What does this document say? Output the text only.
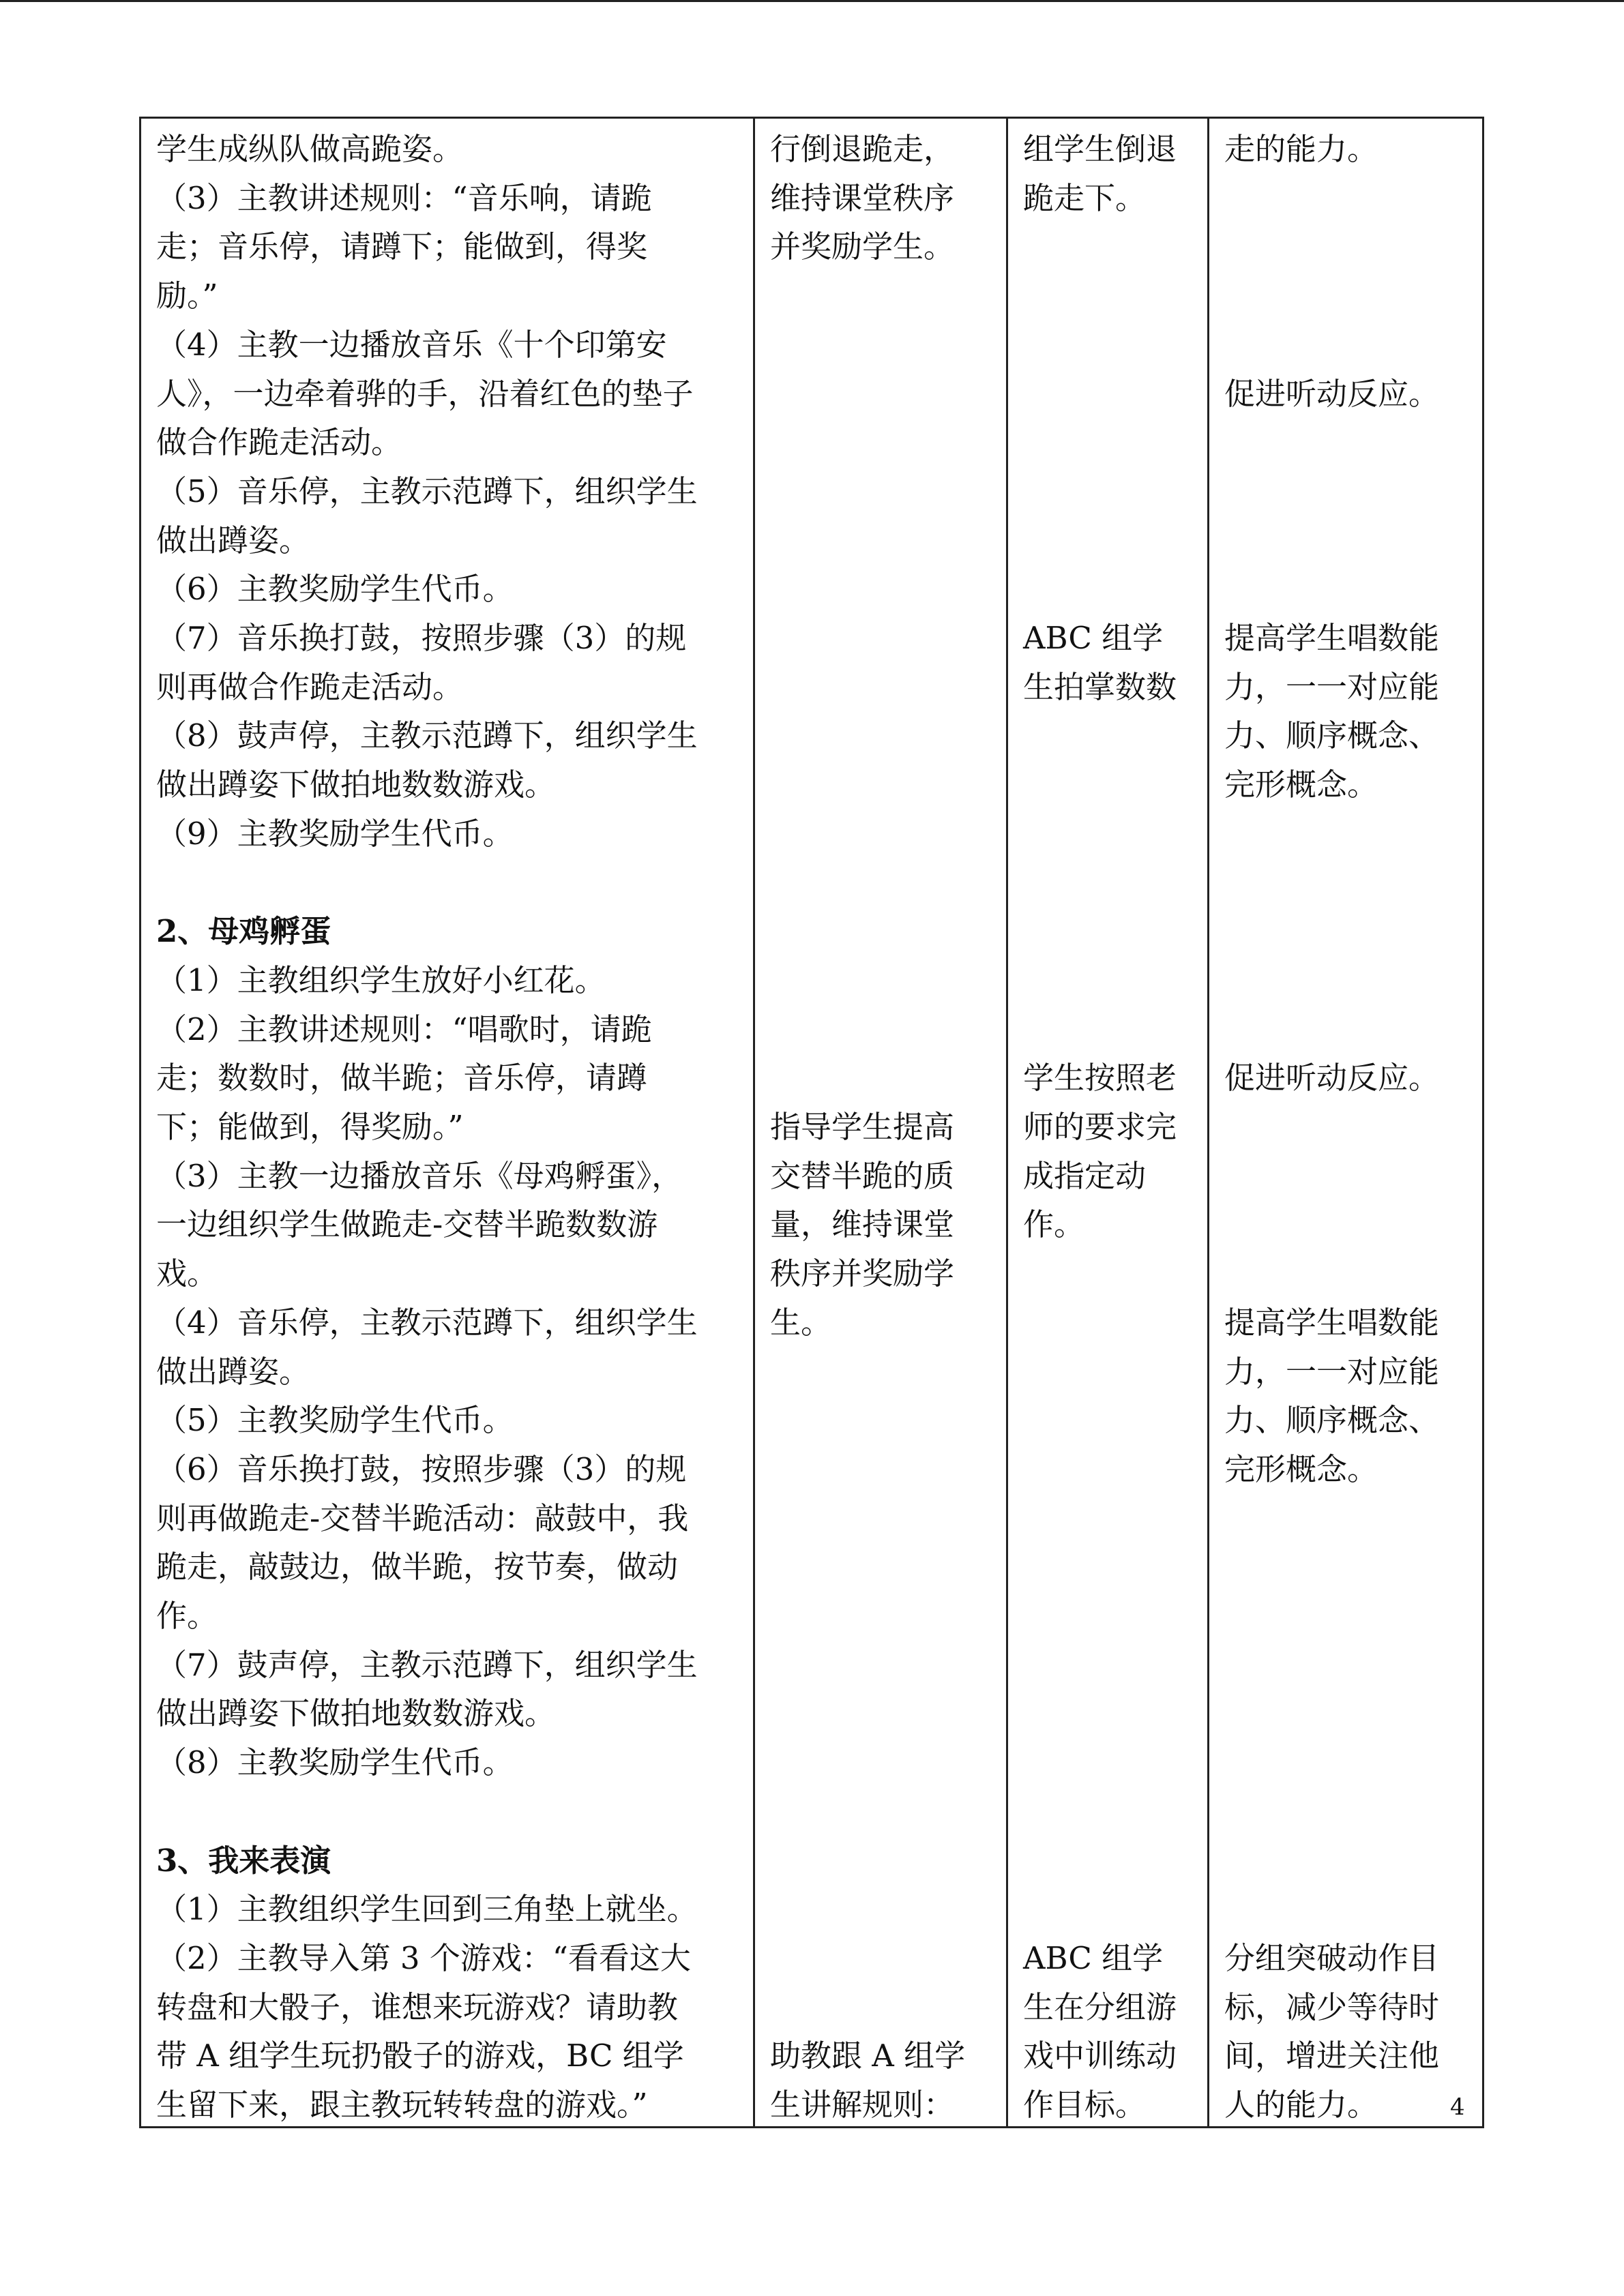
学生成纵队做高跪姿。
（3）主教讲述规则：“音乐响，请跪
走；音乐停，请蹲下；能做到，得奖
励。”
（4）主教一边播放音乐《十个印第安
人》，一边牵着骅的手，沿着红色的垫子
做合作跪走活动。
（5）音乐停，主教示范蹲下，组织学生
做出蹲姿。
（6）主教奖励学生代币。
（7）音乐换打鼓，按照步骤（3）的规
则再做合作跪走活动。
（8）鼓声停，主教示范蹲下，组织学生
做出蹲姿下做拍地数数游戏。
（9）主教奖励学生代币。
2、母鸡孵蛋
（1）主教组织学生放好小红花。
（2）主教讲述规则：“唱歌时，请跪
走；数数时，做半跪；音乐停，请蹲
下；能做到，得奖励。”
（3）主教一边播放音乐《母鸡孵蛋》，
一边组织学生做跪走-交替半跪数数游
戏。
（4）音乐停，主教示范蹲下，组织学生
做出蹲姿。
（5）主教奖励学生代币。
（6）音乐换打鼓，按照步骤（3）的规
则再做跪走-交替半跪活动：敲鼓中，我
跪走，敲鼓边，做半跪，按节奏，做动
作。
（7）鼓声停，主教示范蹲下，组织学生
做出蹲姿下做拍地数数游戏。
（8）主教奖励学生代币。
3、我来表演
（1）主教组织学生回到三角垫上就坐。
（2）主教导入第 3 个游戏：“看看这大
转盘和大骰子，谁想来玩游戏？请助教
带 A 组学生玩扔骰子的游戏，BC 组学
生留下来，跟主教玩转转盘的游戏。”
行倒退跪走，
维持课堂秩序
并奖励学生。
指导学生提高
交替半跪的质
量，维持课堂
秩序并奖励学
生。
助教跟 A 组学
生讲解规则：
组学生倒退
跪走下。
ABC 组学
生拍掌数数
学生按照老
师的要求完
成指定动
作。
ABC 组学
生在分组游
戏中训练动
作目标。
走的能力。
促进听动反应。
提高学生唱数能
力，一一对应能
力、顺序概念、
完形概念。
促进听动反应。
提高学生唱数能
力，一一对应能
力、顺序概念、
完形概念。
分组突破动作目
标，减少等待时
间，增进关注他
人的能力。	4
